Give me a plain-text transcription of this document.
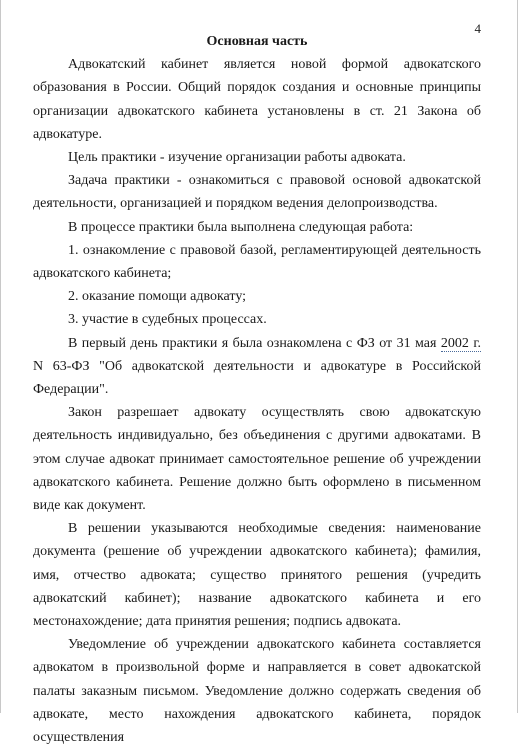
4

Основная часть

Адвокатский кабинет является новой формой адвокатского образования в России. Общий порядок создания и основные принципы организации адвокатского кабинета установлены в ст. 21 Закона об адвокатуре.

Цель практики - изучение организации работы адвоката.

Задача практики - ознакомиться с правовой основой адвокатской деятельности, организацией и порядком ведения делопроизводства.

В процессе практики была выполнена следующая работа:

1. ознакомление с правовой базой, регламентирующей деятельность адвокатского кабинета;

2. оказание помощи адвокату;

3. участие в судебных процессах.

В первый день практики я была ознакомлена с ФЗ от 31 мая 2002 г. N 63-ФЗ "Об адвокатской деятельности и адвокатуре в Российской Федерации".

Закон разрешает адвокату осуществлять свою адвокатскую деятельность индивидуально, без объединения с другими адвокатами. В этом случае адвокат принимает самостоятельное решение об учреждении адвокатского кабинета. Решение должно быть оформлено в письменном виде как документ.

В решении указываются необходимые сведения: наименование документа (решение об учреждении адвокатского кабинета); фамилия, имя, отчество адвоката; существо принятого решения (учредить адвокатский кабинет); название адвокатского кабинета и его местонахождение; дата принятия решения; подпись адвоката.

Уведомление об учреждении адвокатского кабинета составляется адвокатом в произвольной форме и направляется в совет адвокатской палаты заказным письмом. Уведомление должно содержать сведения об адвокате, место нахождения адвокатского кабинета, порядок осуществления
